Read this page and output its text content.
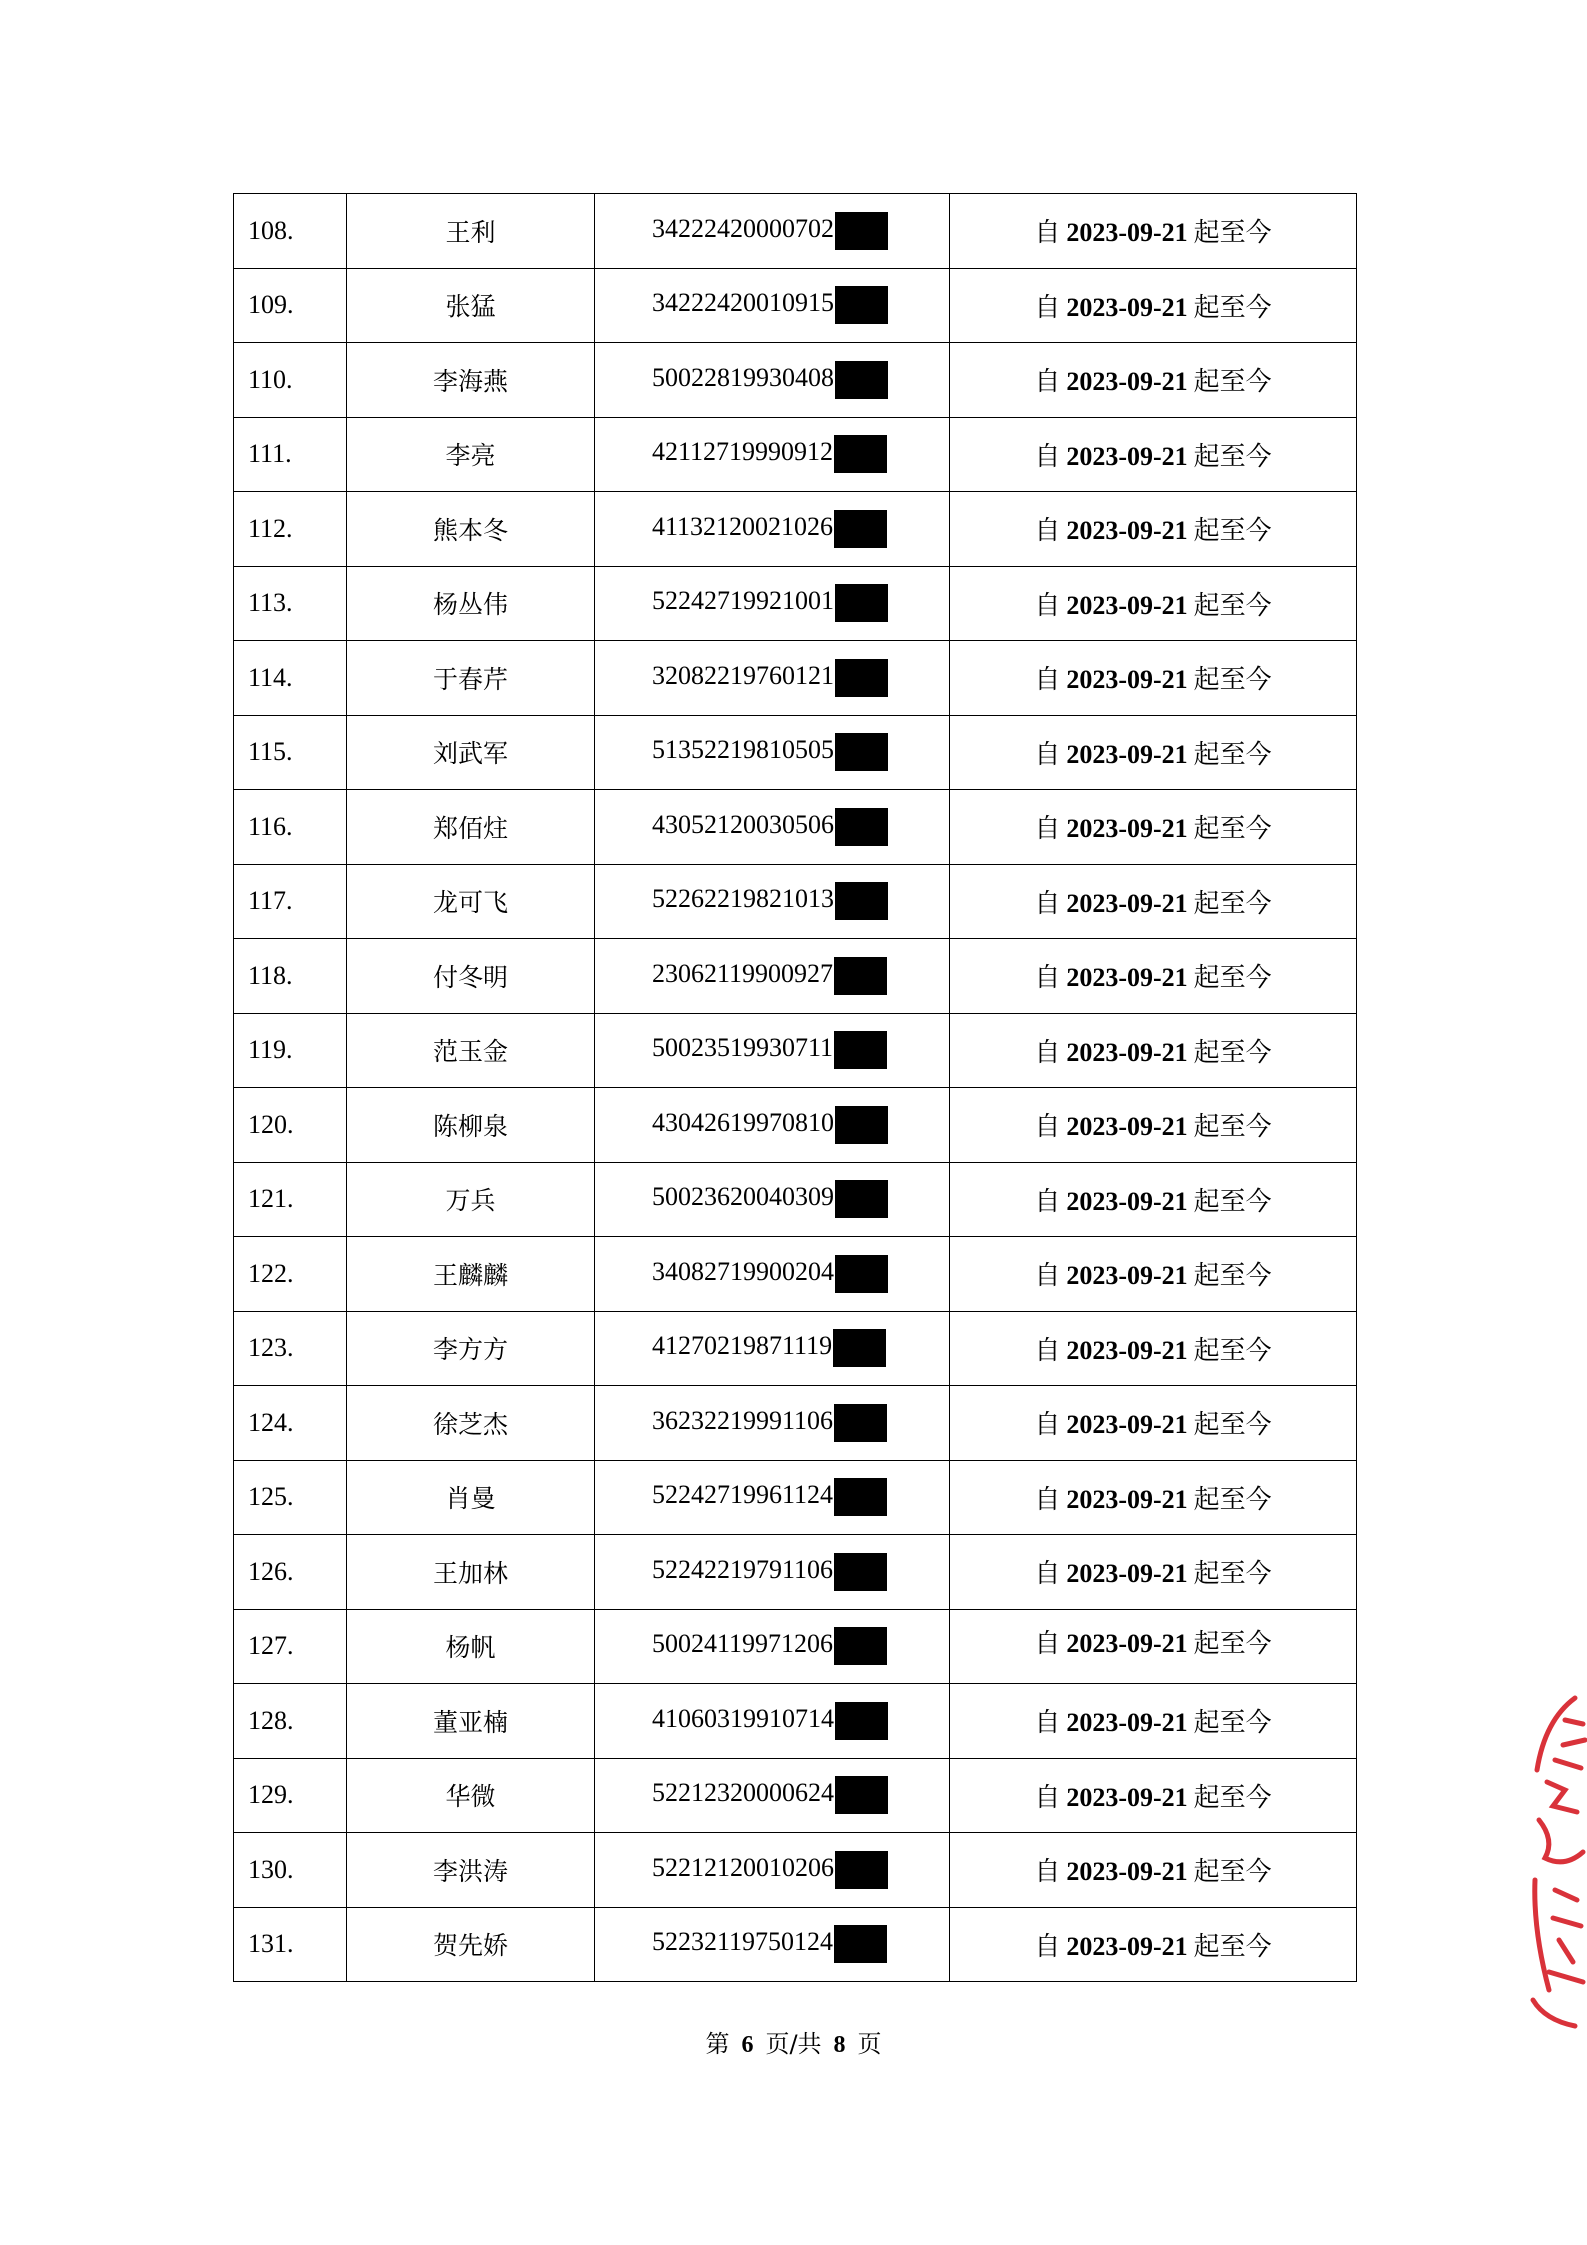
108.	王利	34222420000702	自 2023-09-21 起至今
109.	张猛	34222420010915	自 2023-09-21 起至今
110.	李海燕	50022819930408	自 2023-09-21 起至今
111.	李亮	42112719990912	自 2023-09-21 起至今
112.	熊本冬	41132120021026	自 2023-09-21 起至今
113.	杨丛伟	52242719921001	自 2023-09-21 起至今
114.	于春芹	32082219760121	自 2023-09-21 起至今
115.	刘武军	51352219810505	自 2023-09-21 起至今
116.	郑佰炷	43052120030506	自 2023-09-21 起至今
117.	龙可飞	52262219821013	自 2023-09-21 起至今
118.	付冬明	23062119900927	自 2023-09-21 起至今
119.	范玉金	50023519930711	自 2023-09-21 起至今
120.	陈柳泉	43042619970810	自 2023-09-21 起至今
121.	万兵	50023620040309	自 2023-09-21 起至今
122.	王麟麟	34082719900204	自 2023-09-21 起至今
123.	李方方	41270219871119	自 2023-09-21 起至今
124.	徐芝杰	36232219991106	自 2023-09-21 起至今
125.	肖曼	52242719961124	自 2023-09-21 起至今
126.	王加林	52242219791106	自 2023-09-21 起至今
127.	杨帆	50024119971206	自 2023-09-21 起至今
128.	董亚楠	41060319910714	自 2023-09-21 起至今
129.	华微	52212320000624	自 2023-09-21 起至今
130.	李洪涛	52212120010206	自 2023-09-21 起至今
131.	贺先娇	52232119750124	自 2023-09-21 起至今
第 6 页/共 8 页
